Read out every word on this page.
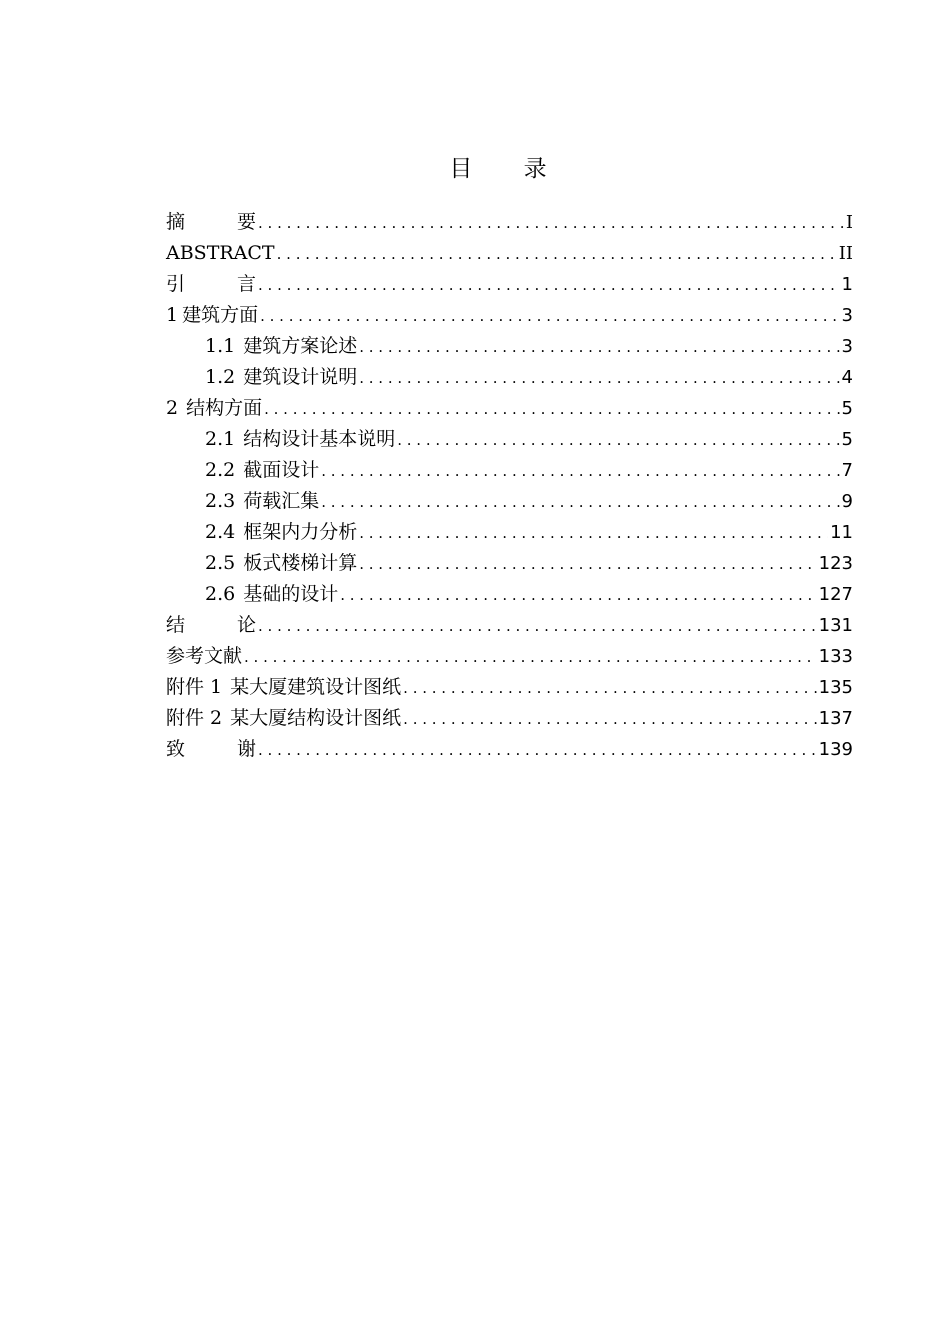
目 录
摘 要 . . .	I
ABSTRACT . . .	II
引 言 . . .	1
1 建筑方面 . . .	3
1.1 建筑方案论述 . . .	3
1.2 建筑设计说明 . . .	4
2 结构方面 . . .	5
2.1 结构设计基本说明 . . .	5
2.2 截面设计 . . .	7
2.3 荷载汇集 . . .	9
2.4 框架内力分析 . . .	11
2.5 板式楼梯计算 . . .	123
2.6 基础的设计 . . .	127
结 论 . . .	131
参考文献 . . .	133
附件 1 某大厦建筑设计图纸 . . .	135
附件 2 某大厦结构设计图纸 . . .	137
致 谢 . . .	139
